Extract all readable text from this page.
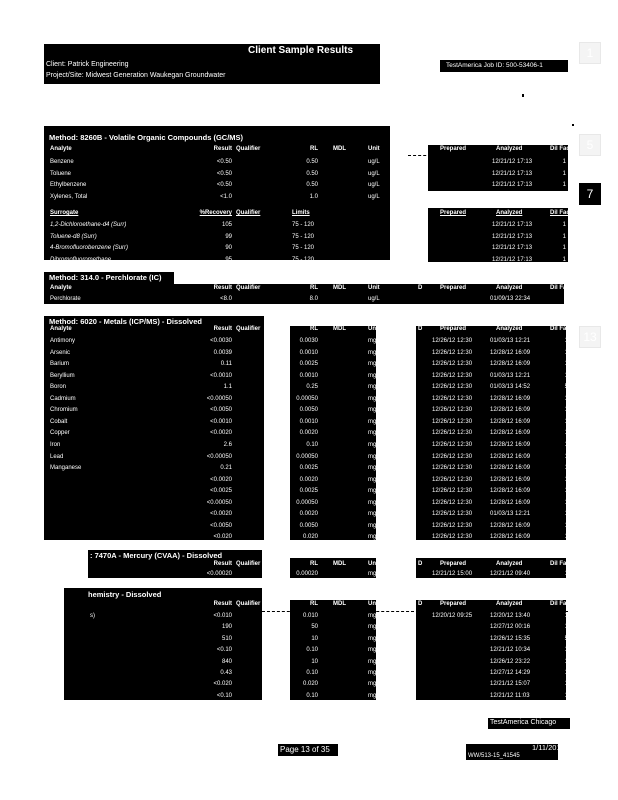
1
5
7
13
Client Sample Results
Client: Patrick Engineering
Project/Site: Midwest Generation Waukegan Groundwater
TestAmerica Job ID: 500-53406-1
Method: 8260B - Volatile Organic Compounds (GC/MS)
Analyte	Result Qualifier	RL	MDL	Unit	D	Prepared	Analyzed	Dil Fac
Benzene	<0.50	0.50	ug/L	12/21/12 17:13	1
Toluene	<0.50	0.50	ug/L	12/21/12 17:13	1
Ethylbenzene	<0.50	0.50	ug/L	12/21/12 17:13	1
Xylenes, Total	<1.0	1.0	ug/L	12/21/12 17:13	1
Surrogate	%Recovery Qualifier	Limits	Prepared	Analyzed	Dil Fac
1,2-Dichloroethane-d4 (Surr)	105	75 - 120	12/21/12 17:13	1
Toluene-d8 (Surr)	99	75 - 120	12/21/12 17:13	1
4-Bromofluorobenzene (Surr)	90	75 - 120	12/21/12 17:13	1
Dibromofluoromethane	95	75 - 120	12/21/12 17:13	1
Method: 314.0 - Perchlorate (IC)
Analyte	Result Qualifier	RL	MDL	Unit	D	Prepared	Analyzed	Dil Fac
Perchlorate	<8.0	8.0	ug/L	01/09/13 22:34	2
Method: 6020 - Metals (ICP/MS) - Dissolved
Analyte	Result Qualifier	RL	MDL	Unit	D	Prepared	Analyzed	Dil Fac
Antimony	<0.0030	0.0030	mg/L	12/26/12 12:30	01/03/13 12:21	1
Arsenic	0.0039	0.0010	mg/L	12/26/12 12:30	12/28/12 16:09	1
Barium	0.11	0.0025	mg/L	12/26/12 12:30	12/28/12 16:09	1
Beryllium	<0.0010	0.0010	mg/L	12/26/12 12:30	01/03/13 12:21	1
Boron	1.1	0.25	mg/L	12/26/12 12:30	01/03/13 14:52	5
Cadmium	<0.00050	0.00050	mg/L	12/26/12 12:30	12/28/12 16:09	1
Chromium	<0.0050	0.0050	mg/L	12/26/12 12:30	12/28/12 16:09	1
Cobalt	<0.0010	0.0010	mg/L	12/26/12 12:30	12/28/12 16:09	1
Copper	<0.0020	0.0020	mg/L	12/26/12 12:30	12/28/12 16:09	1
Iron	2.6	0.10	mg/L	12/26/12 12:30	12/28/12 16:09	1
Lead	<0.00050	0.00050	mg/L	12/26/12 12:30	12/28/12 16:09	1
Manganese	0.21	0.0025	mg/L	12/26/12 12:30	12/28/12 16:09	1
<0.0020	0.0020	mg/L	12/26/12 12:30	12/28/12 16:09	1
<0.0025	0.0025	mg/L	12/26/12 12:30	12/28/12 16:09	1
<0.00050	0.00050	mg/L	12/26/12 12:30	12/28/12 16:09	1
<0.0020	0.0020	mg/L	12/26/12 12:30	01/03/13 12:21	1
<0.0050	0.0050	mg/L	12/26/12 12:30	12/28/12 16:09	1
<0.020	0.020	mg/L	12/26/12 12:30	12/28/12 16:09	1
: 7470A - Mercury (CVAA) - Dissolved
Result Qualifier	RL	MDL	Unit	D	Prepared	Analyzed	Dil Fac
<0.00020	0.00020	mg/L	12/21/12 15:00	12/21/12 09:40	1
hemistry - Dissolved
Result Qualifier	RL	MDL	Unit	D	Prepared	Analyzed	Dil Fac
s)	<0.010	0.010	mg/L	12/20/12 09:25	12/20/12 13:40	1
190	50	mg/L	12/27/12 00:16	1
510	10	mg/L	12/26/12 15:35	5
<0.10	0.10	mg/L	12/21/12 10:34	1
840	10	mg/L	12/26/12 23:22	1
0.43	0.10	mg/L	12/27/12 14:29	1
<0.020	0.020	mg/L	12/21/12 15:07	1
<0.10	0.10	mg/L	12/21/12 11:03	1
TestAmerica Chicago
Page 13 of 35	1/11/2013
WW/513-15_41545
